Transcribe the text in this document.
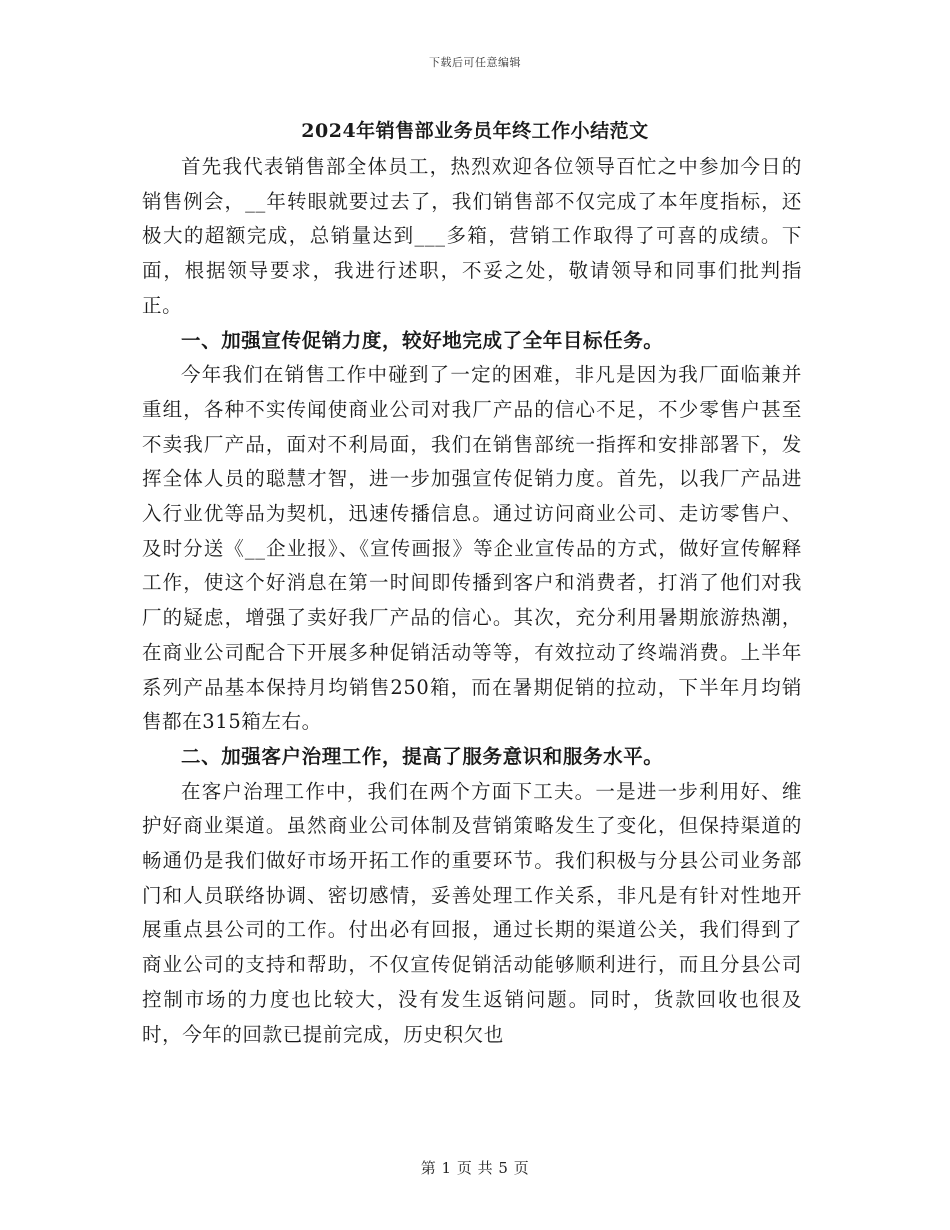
下载后可任意编辑
2024年销售部业务员年终工作小结范文

首先我代表销售部全体员工，热烈欢迎各位领导百忙之中参加今日的销售例会，__年转眼就要过去了，我们销售部不仅完成了本年度指标，还极大的超额完成，总销量达到___多箱，营销工作取得了可喜的成绩。下面，根据领导要求，我进行述职，不妥之处，敬请领导和同事们批判指正。

一、加强宣传促销力度，较好地完成了全年目标任务。

今年我们在销售工作中碰到了一定的困难，非凡是因为我厂面临兼并重组，各种不实传闻使商业公司对我厂产品的信心不足，不少零售户甚至不卖我厂产品，面对不利局面，我们在销售部统一指挥和安排部署下，发挥全体人员的聪慧才智，进一步加强宣传促销力度。首先，以我厂产品进入行业优等品为契机，迅速传播信息。通过访问商业公司、走访零售户、及时分送《__企业报》、《宣传画报》等企业宣传品的方式，做好宣传解释工作，使这个好消息在第一时间即传播到客户和消费者，打消了他们对我厂的疑虑，增强了卖好我厂产品的信心。其次，充分利用暑期旅游热潮，在商业公司配合下开展多种促销活动等等，有效拉动了终端消费。上半年系列产品基本保持月均销售250箱，而在暑期促销的拉动，下半年月均销售都在315箱左右。

二、加强客户治理工作，提高了服务意识和服务水平。

在客户治理工作中，我们在两个方面下工夫。一是进一步利用好、维护好商业渠道。虽然商业公司体制及营销策略发生了变化，但保持渠道的畅通仍是我们做好市场开拓工作的重要环节。我们积极与分县公司业务部门和人员联络协调、密切感情，妥善处理工作关系，非凡是有针对性地开展重点县公司的工作。付出必有回报，通过长期的渠道公关，我们得到了商业公司的支持和帮助，不仅宣传促销活动能够顺利进行，而且分县公司控制市场的力度也比较大，没有发生返销问题。同时，货款回收也很及时，今年的回款已提前完成，历史积欠也

第 1 页 共 5 页
